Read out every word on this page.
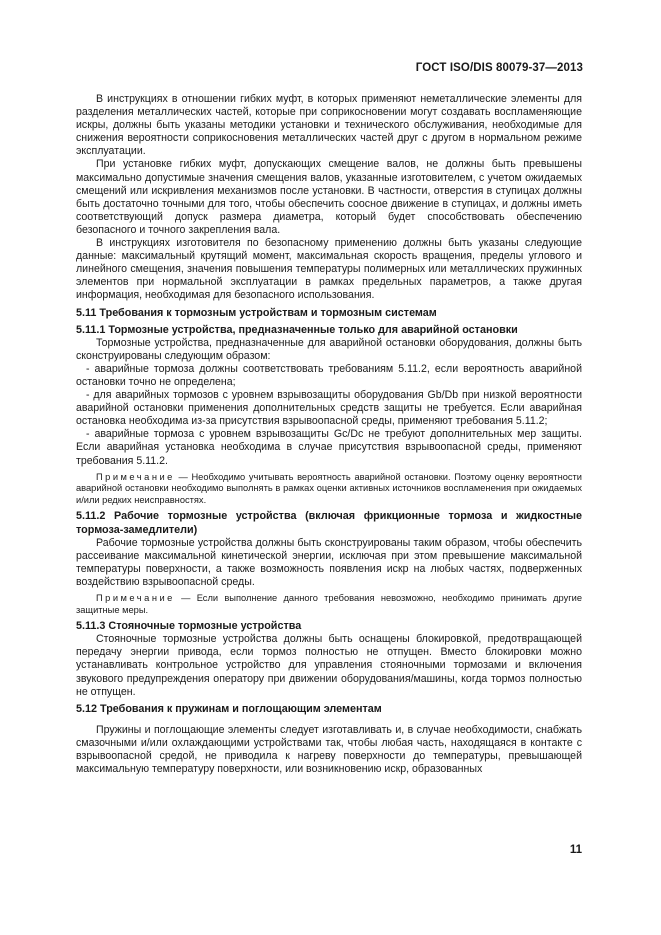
ГОСТ ISO/DIS 80079-37—2013

В инструкциях в отношении гибких муфт, в которых применяют неметаллические элементы для разделения металлических частей, которые при соприкосновении могут создавать воспламеняющие искры, должны быть указаны методики установки и технического обслуживания, необходимые для снижения вероятности соприкосновения металлических частей друг с другом в нормальном режиме эксплуатации.

При установке гибких муфт, допускающих смещение валов, не должны быть превышены максимально допустимые значения смещения валов, указанные изготовителем, с учетом ожидаемых смещений или искривления механизмов после установки. В частности, отверстия в ступицах должны быть достаточно точными для того, чтобы обеспечить соосное движение в ступицах, и должны иметь соответствующий допуск размера диаметра, который будет способствовать обеспечению безопасного и точного закрепления вала.

В инструкциях изготовителя по безопасному применению должны быть указаны следующие данные: максимальный крутящий момент, максимальная скорость вращения, пределы углового и линейного смещения, значения повышения температуры полимерных или металлических пружинных элементов при нормальной эксплуатации в рамках предельных параметров, а также другая информация, необходимая для безопасного использования.

5.11 Требования к тормозным устройствам и тормозным системам

5.11.1 Тормозные устройства, предназначенные только для аварийной остановки

Тормозные устройства, предназначенные для аварийной остановки оборудования, должны быть сконструированы следующим образом:

- аварийные тормоза должны соответствовать требованиям 5.11.2, если вероятность аварийной остановки точно не определена;

- для аварийных тормозов с уровнем взрывозащиты оборудования Gb/Db при низкой вероятности аварийной остановки применения дополнительных средств защиты не требуется. Если аварийная остановка необходима из-за присутствия взрывоопасной среды, применяют требования 5.11.2;

- аварийные тормоза с уровнем взрывозащиты Gc/Dc не требуют дополнительных мер защиты. Если аварийная установка необходима в случае присутствия взрывоопасной среды, применяют требования 5.11.2.

Примечание — Необходимо учитывать вероятность аварийной остановки. Поэтому оценку вероятности аварийной остановки необходимо выполнять в рамках оценки активных источников воспламенения при ожидаемых и/или редких неисправностях.

5.11.2 Рабочие тормозные устройства (включая фрикционные тормоза и жидкостные тормоза-замедлители)

Рабочие тормозные устройства должны быть сконструированы таким образом, чтобы обеспечить рассеивание максимальной кинетической энергии, исключая при этом превышение максимальной температуры поверхности, а также возможность появления искр на любых частях, подверженных воздействию взрывоопасной среды.

Примечание — Если выполнение данного требования невозможно, необходимо принимать другие защитные меры.

5.11.3 Стояночные тормозные устройства

Стояночные тормозные устройства должны быть оснащены блокировкой, предотвращающей передачу энергии привода, если тормоз полностью не отпущен. Вместо блокировки можно устанавливать контрольное устройство для управления стояночными тормозами и включения звукового предупреждения оператору при движении оборудования/машины, когда тормоз полностью не отпущен.

5.12 Требования к пружинам и поглощающим элементам

Пружины и поглощающие элементы следует изготавливать и, в случае необходимости, снабжать смазочными и/или охлаждающими устройствами так, чтобы любая часть, находящаяся в контакте с взрывоопасной средой, не приводила к нагреву поверхности до температуры, превышающей максимальную температуру поверхности, или возникновению искр, образованных

11
